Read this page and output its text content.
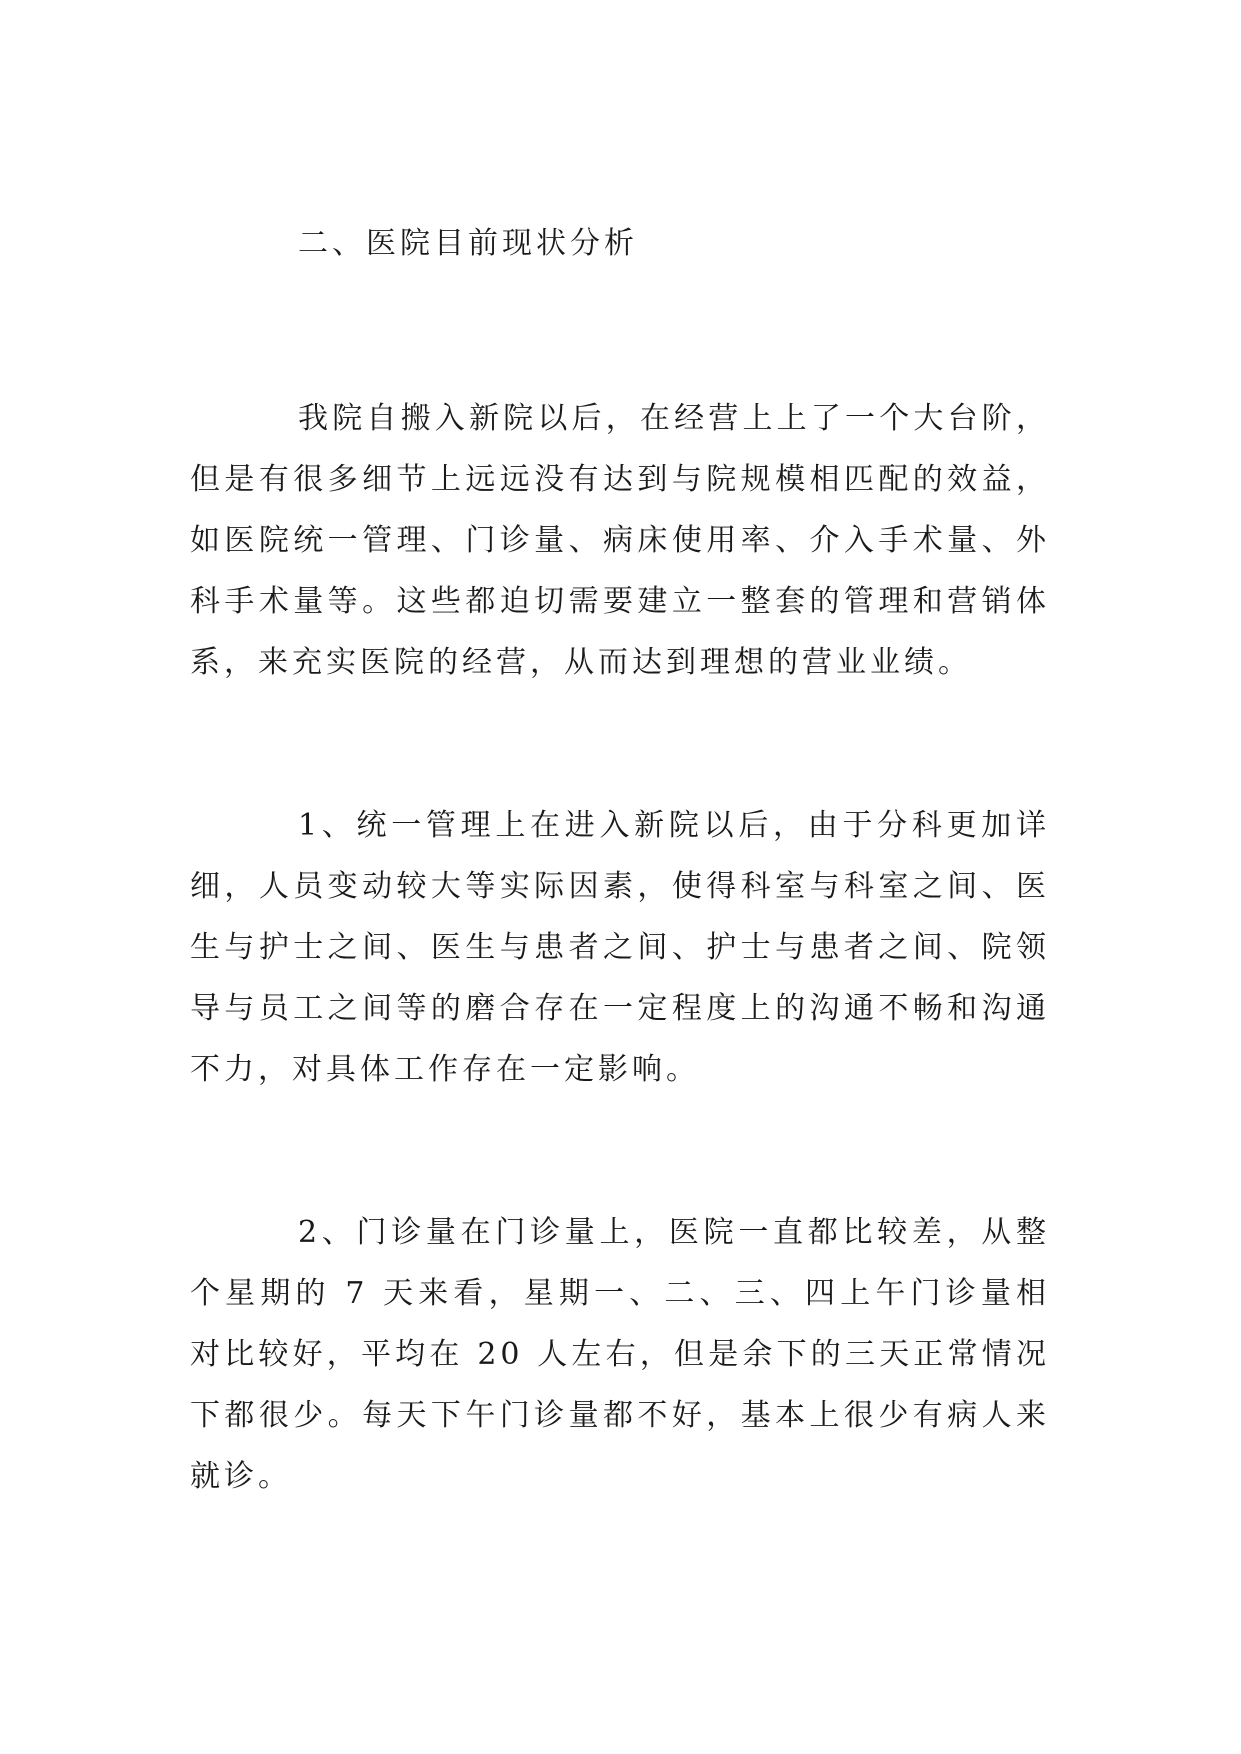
二、医院目前现状分析

我院自搬入新院以后，在经营上上了一个大台阶，但是有很多细节上远远没有达到与院规模相匹配的效益，如医院统一管理、门诊量、病床使用率、介入手术量、外科手术量等。这些都迫切需要建立一整套的管理和营销体系，来充实医院的经营，从而达到理想的营业业绩。

1、统一管理上在进入新院以后，由于分科更加详细，人员变动较大等实际因素，使得科室与科室之间、医生与护士之间、医生与患者之间、护士与患者之间、院领导与员工之间等的磨合存在一定程度上的沟通不畅和沟通不力，对具体工作存在一定影响。

2、门诊量在门诊量上，医院一直都比较差，从整个星期的 7 天来看，星期一、二、三、四上午门诊量相对比较好，平均在 20 人左右，但是余下的三天正常情况下都很少。每天下午门诊量都不好，基本上很少有病人来就诊。
